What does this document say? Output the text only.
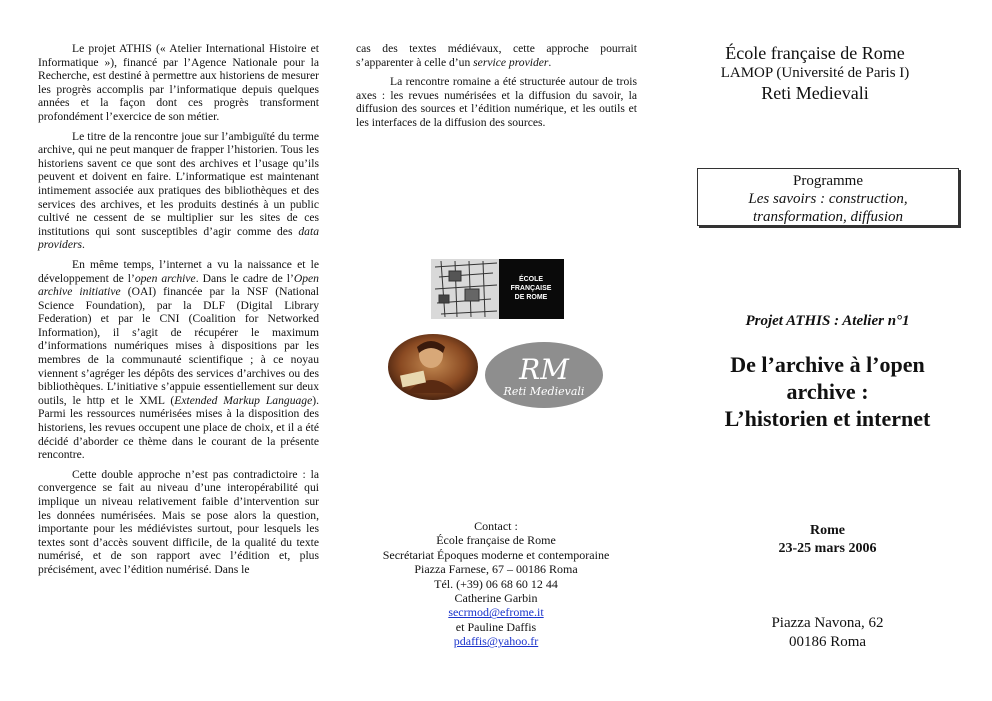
Le projet ATHIS (« Atelier International Histoire et Informatique »), financé par l’Agence Nationale pour la Recherche, est destiné à permettre aux historiens de mesurer les progrès accomplis par l’informatique depuis quelques années et la façon dont ces progrès transforment profondément l’exercice de son métier.

Le titre de la rencontre joue sur l’ambiguïté du terme archive, qui ne peut manquer de frapper l’historien. Tous les historiens savent ce que sont des archives et l’usage qu’ils peuvent et doivent en faire. L’informatique est maintenant intimement associée aux pratiques des bibliothèques et des services des archives, et les produits destinés à un public cultivé ne cessent de se multiplier sur les sites de ces institutions qui sont susceptibles d’agir comme des data providers.

En même temps, l’internet a vu la naissance et le développement de l’open archive. Dans le cadre de l’Open archive initiative (OAI) financée par la NSF (National Science Foundation), par la DLF (Digital Library Federation) et par le CNI (Coalition for Networked Information), il s’agit de récupérer le maximum d’informations numériques mises à dispositions par les membres de la communauté scientifique ; à ce noyau viennent s’agréger les dépôts des services d’archives ou des bibliothèques. L’initiative s’appuie essentiellement sur deux outils, le http et le XML (Extended Markup Language). Parmi les ressources numérisées mises à la disposition des historiens, les revues occupent une place de choix, et il a été décidé d’aborder ce thème dans le courant de la présente rencontre.

Cette double approche n’est pas contradictoire : la convergence se fait au niveau d’une interopérabilité qui implique un niveau relativement faible d’intervention sur les données numérisées. Mais se pose alors la question, importante pour les médiévistes surtout, pour lesquels les textes sont d’accès souvent difficile, de la qualité du texte numérisé, et de son rapport avec l’édition et, plus précisément, avec l’édition numérisé. Dans le

cas des textes médiévaux, cette approche pourrait s’apparenter à celle d’un service provider.

La rencontre romaine a été structurée autour de trois axes : les revues numérisées et la diffusion du savoir, la diffusion des sources et l’édition numérique, et les outils et les interfaces de la diffusion des sources.

ÉCOLE
FRANÇAISE
DE ROME
RM
Reti Medievali
Contact :
École française de Rome
Secrétariat Époques moderne et contemporaine
Piazza Farnese, 67 – 00186 Roma
Tél. (+39) 06 68 60 12 44
Catherine Garbin
secrmod@efrome.it
et Pauline Daffis
pdaffis@yahoo.fr

École française de Rome

LAMOP (Université de Paris I)

Reti Medievali

Programme
Les savoirs : construction,
transformation, diffusion
Projet ATHIS : Atelier n°1
De l’archive à l’open
archive :
L’historien et internet
Rome
23-25 mars 2006
Piazza Navona, 62
00186 Roma
